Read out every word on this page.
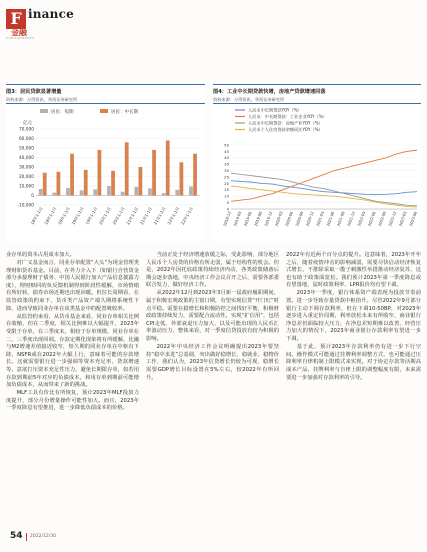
F inance
金融
CAPITALWEEKS
图3：居民贷款显著增量
资料来源：万得资讯，华西证券研究所
居民：短期	居民：中长期
亿元
-10,000
0
10,000
20,000
30,000
40,000
50,000
60,000
70,000
18年1-1月 18年1-1月 18年1-1月 19年1-1月 19年1-1月 20年1-1月 20年1-1月 21年1-1月 21年1-1月 21年1-1月 22年1-1月 22年1-1月
图4：工业中长期贷款快增，房地产贷款增速回落
资料来源：万得资讯，华西证券研究所
0
5
10
15
20
25
30
35
40
45
50
人民币中长期贷款YOY（%）
人民币：中长期贷款：工业企业YOY（%）
人民币中长期贷款：房地产业YOY（%）
人民币个人住房贷款余额同比YOY（%）
2018-12 2019-03 2019-06 2019-09 2019-12 2020-03 2020-06 2020-09 2020-12 2021-03 2021-06 2021-09 2021-12 2022-03 2022-06 2022-09 2022-12 2023-03 2023-06

业存单的资本占用成本加大。

对广义基金而言，同业存单配置“大头”为现金管理类理财和货币基金。目前，在外力介入下（如银行自营资金部分承接理财子债务、中国人民银行加大产品信息披露力度），理财赎回的负反馈机制得到阶段性缓解，市场情绪有所好转，债券市场近期也出现回暖。但拉长周期看，在监管政策的约束下，货币类产品资产端久期将系统性下降，进而导致同业存单在该类基金中的配置吸收率。

从监管约束看，从货币基金来看，同业存单相关比例在收缩，但在二季度，相关比例难以大幅提升，2023年受限于存单，在三季度末，相较于存单规模，同业存单在二、三季度出现回调。存款定期化现象将有所缓解，比融与M2增速差值接近收窄，短久期的同业存单在中枢有下降，NSFR或在2022年大幅上行，意味着可能的存款增长。这就需要银行进一步强调等资本充足率、贷款增速等。意欲打压资本充足性压力，避免长期限存单，如若用存款到期前5年对应的负债成本，和用存单到期前可能增加负债成本，从而带来了新的挑战。

MLF工具有价比有所恢复，预计2023年MLF投放力度提升，部分月份增量操作可能性加大。而且，2023年一季度降息有望推进，进一步降低负债成本的价格。

当前正处于经济增速放缓之际，受此影响，部分地区人民币个人房贷的价格有所走弱，属于结构性的机会。但是，2022年因托底政策持续经济内动，各类政策储备后期会逐步落地，中央经济工作会议召开之后，需要各部委联合发力，做好经济工作。

从2022年12月到2023年3月新一届政府履职期间，属于积极宏观政策的主窗口期，有望实现信贷“开门红”时点平稳。需要在稳增长和积极防控之间找好平衡，积极财政政策持续发力，需要配合流动性，实现“扩信用”，包括CPI走低、外部衰退压力加大、以及可能出现的人民币汇率波动压力，整体来看，对一季度信贷投放有较为积极的影响。

2022年中央经济工作会议明确提出2023年要坚持“稳中求进”总基调，突出做好稳增长、稳就业、稳物价工作，我们认为，2023年信贷增长仍较为可观，稳增长需要GDP增长目标设置在5%左右，较2022年有所回升。

2022年有近两个百分点的提升。这意味着，2023年开年之后，随着疫情冲击的影响减弱，需要尽快启动经济恢复式增长，不排除采取一揽子刺激性举措推动经济复苏，这也有助于政策面宽松。我们预计2023年第一季度降息或有望落地，届时政策利率、LPR报价均有望下调。

2023年一季度，银行体系资产端表现为投放节奏前置。进一步导致存量贷款中枢抬升。尽管2022年9月部分银行主动下调存款利率，但在下调10-50BP，对2023年逐步进入重定价周期，利率放松未来有所收窄，商业银行净息差仍面临较大压力，在净息差短期难以改善、经营压力加大的情况下，2023年商业银行存款利率有望进一步下调。

基于此，预计2023年存款利率仍有进一步下行空间。操作模式可能通过挂牌利率调整方式，也可能通过压降利率自律机制上限模式来实现。对于协定存款等活期高成本产品，挂牌利率与自律上限的调整幅度有限，未来需要进一步加强对存款利率的引导。

54 2022/12/30
